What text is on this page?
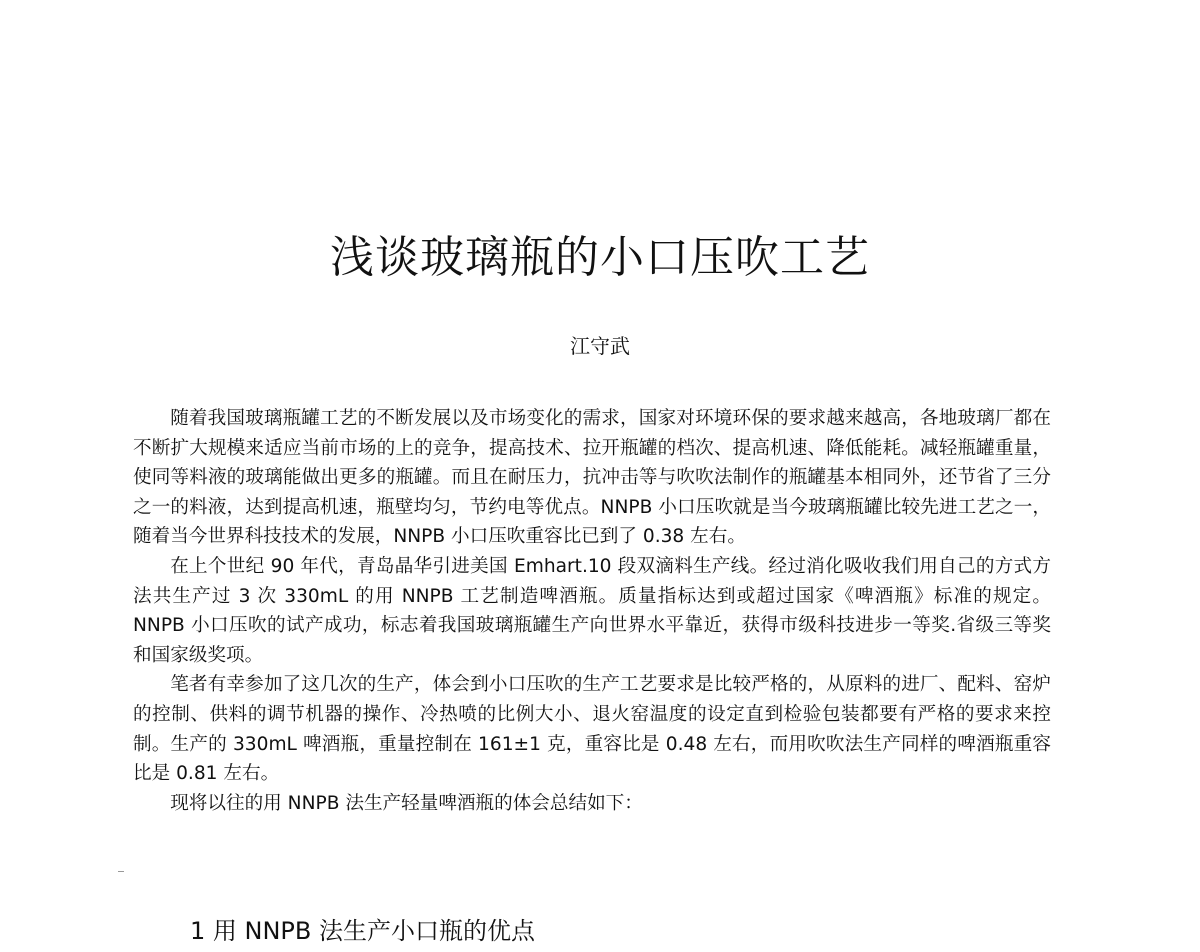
浅谈玻璃瓶的小口压吹工艺
江守武

随着我国玻璃瓶罐工艺的不断发展以及市场变化的需求，国家对环境环保的要求越来越高，各地玻璃厂都在不断扩大规模来适应当前市场的上的竞争，提高技术、拉开瓶罐的档次、提高机速、降低能耗。减轻瓶罐重量，使同等料液的玻璃能做出更多的瓶罐。而且在耐压力，抗冲击等与吹吹法制作的瓶罐基本相同外，还节省了三分之一的料液，达到提高机速，瓶壁均匀，节约电等优点。NNPB 小口压吹就是当今玻璃瓶罐比较先进工艺之一，随着当今世界科技技术的发展，NNPB 小口压吹重容比已到了 0.38 左右。

在上个世纪 90 年代，青岛晶华引进美国 Emhart.10 段双滴料生产线。经过消化吸收我们用自己的方式方法共生产过 3 次 330mL 的用 NNPB 工艺制造啤酒瓶。质量指标达到或超过国家《啤酒瓶》标准的规定。NNPB 小口压吹的试产成功，标志着我国玻璃瓶罐生产向世界水平靠近，获得市级科技进步一等奖.省级三等奖和国家级奖项。

笔者有幸参加了这几次的生产，体会到小口压吹的生产工艺要求是比较严格的，从原料的进厂、配料、窑炉的控制、供料的调节机器的操作、冷热喷的比例大小、退火窑温度的设定直到检验包装都要有严格的要求来控制。生产的 330mL 啤酒瓶，重量控制在 161±1 克，重容比是 0.48 左右，而用吹吹法生产同样的啤酒瓶重容比是 0.81 左右。

现将以往的用 NNPB 法生产轻量啤酒瓶的体会总结如下：

1 用 NNPB 法生产小口瓶的优点
